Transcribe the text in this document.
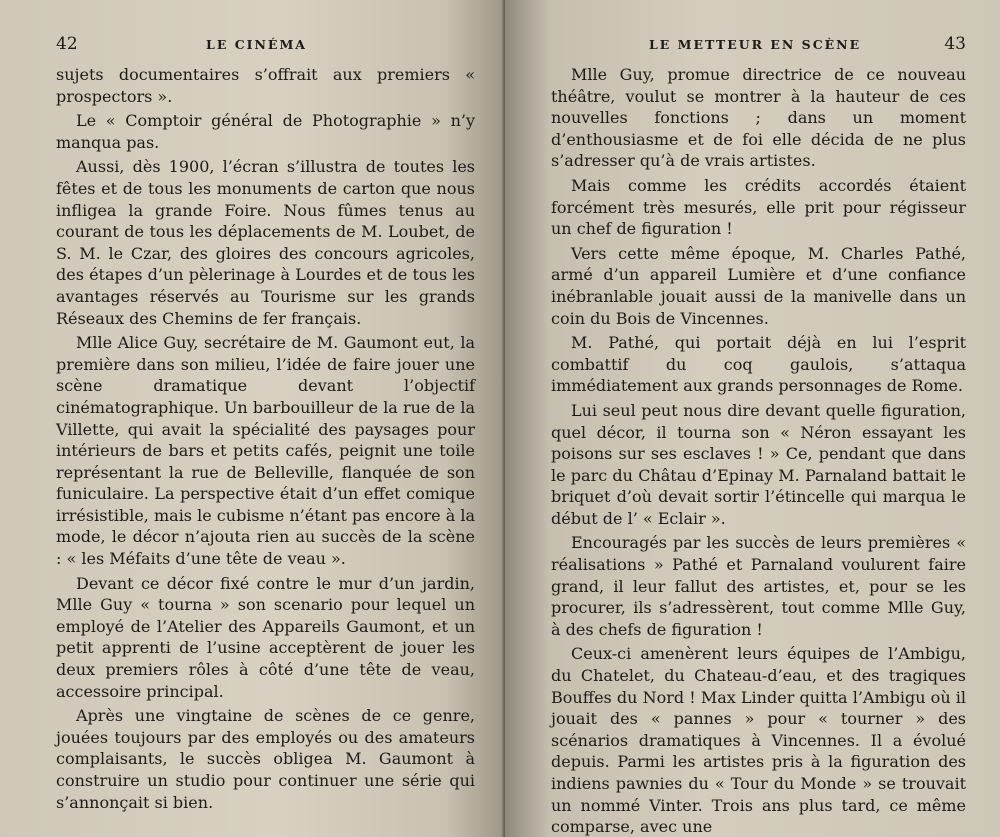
42	LE CINÉMA

sujets documentaires s’offrait aux premiers « prospectors ».

Le « Comptoir général de Photographie » n’y manqua pas.

Aussi, dès 1900, l’écran s’illustra de toutes les fêtes et de tous les monuments de carton que nous infligea la grande Foire. Nous fûmes tenus au courant de tous les déplacements de M. Loubet, de S. M. le Czar, des gloires des concours agricoles, des étapes d’un pèlerinage à Lourdes et de tous les avantages réservés au Tourisme sur les grands Réseaux des Chemins de fer français.

Mlle Alice Guy, secrétaire de M. Gaumont eut, la première dans son milieu, l’idée de faire jouer une scène dramatique devant l’objectif cinématographique. Un barbouilleur de la rue de la Villette, qui avait la spécialité des paysages pour intérieurs de bars et petits cafés, peignit une toile représentant la rue de Belleville, flanquée de son funiculaire. La perspective était d’un effet comique irrésistible, mais le cubisme n’étant pas encore à la mode, le décor n’ajouta rien au succès de la scène : « les Méfaits d’une tête de veau ».

Devant ce décor fixé contre le mur d’un jardin, Mlle Guy « tourna » son scenario pour lequel un employé de l’Atelier des Appareils Gaumont, et un petit apprenti de l’usine acceptèrent de jouer les deux premiers rôles à côté d’une tête de veau, accessoire principal.

Après une vingtaine de scènes de ce genre, jouées toujours par des employés ou des amateurs complaisants, le succès obligea M. Gaumont à construire un studio pour continuer une série qui s’annonçait si bien.

LE METTEUR EN SCÈNE	43

Mlle Guy, promue directrice de ce nouveau théâtre, voulut se montrer à la hauteur de ces nouvelles fonctions ; dans un moment d’enthousiasme et de foi elle décida de ne plus s’adresser qu’à de vrais artistes.

Mais comme les crédits accordés étaient forcément très mesurés, elle prit pour régisseur un chef de figuration !

Vers cette même époque, M. Charles Pathé, armé d’un appareil Lumière et d’une confiance inébranlable jouait aussi de la manivelle dans un coin du Bois de Vincennes.

M. Pathé, qui portait déjà en lui l’esprit combattif du coq gaulois, s’attaqua immédiatement aux grands personnages de Rome.

Lui seul peut nous dire devant quelle figuration, quel décor, il tourna son « Néron essayant les poisons sur ses esclaves ! » Ce, pendant que dans le parc du Châtau d’Epinay M. Parnaland battait le briquet d’où devait sortir l’étincelle qui marqua le début de l’ « Eclair ».

Encouragés par les succès de leurs premières « réalisations » Pathé et Parnaland voulurent faire grand, il leur fallut des artistes, et, pour se les procurer, ils s’adressèrent, tout comme Mlle Guy, à des chefs de figuration !

Ceux-ci amenèrent leurs équipes de l’Ambigu, du Chatelet, du Chateau-d’eau, et des tragiques Bouffes du Nord ! Max Linder quitta l’Ambigu où il jouait des « pannes » pour « tourner » des scénarios dramatiques à Vincennes. Il a évolué depuis. Parmi les artistes pris à la figuration des indiens pawnies du « Tour du Monde » se trouvait un nommé Vinter. Trois ans plus tard, ce même comparse, avec une
